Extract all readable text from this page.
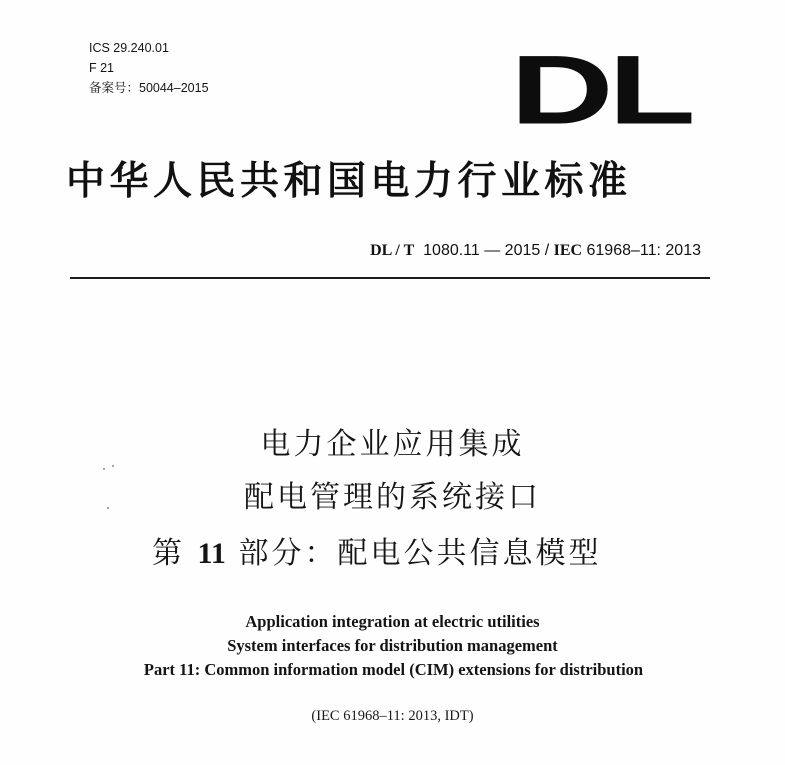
ICS 29.240.01
F 21
备案号：50044–2015	DL
中华人民共和国电力行业标准
DL / T 1080.11 — 2015 / IEC 61968–11: 2013
电力企业应用集成
配电管理的系统接口
第 11 部分：配电公共信息模型
Application integration at electric utilities
System interfaces for distribution management
Part 11: Common information model (CIM) extensions for distribution
(IEC 61968–11: 2013, IDT)
